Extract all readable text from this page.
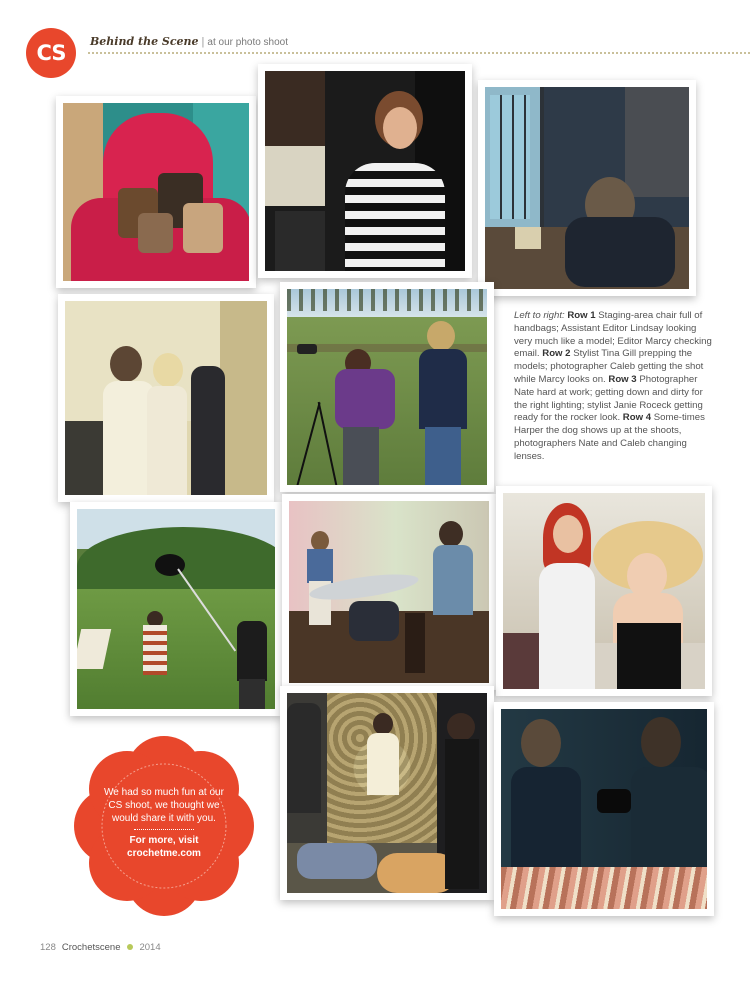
CS	Behind the Scene | at our photo shoot
Left to right: Row 1 Staging-area chair full of handbags; Assistant Editor Lindsay looking very much like a model; Editor Marcy checking email. Row 2 Stylist Tina Gill prepping the models; photographer Caleb getting the shot while Marcy looks on. Row 3 Photographer Nate hard at work; getting down and dirty for the right lighting; stylist Janie Roceck getting ready for the rocker look. Row 4 Some-times Harper the dog shows up at the shoots, photographers Nate and Caleb changing lenses.
We had so much fun at our CS shoot, we thought we would share it with you.
For more, visit crochetme.com
128 Crochetscene 2014
